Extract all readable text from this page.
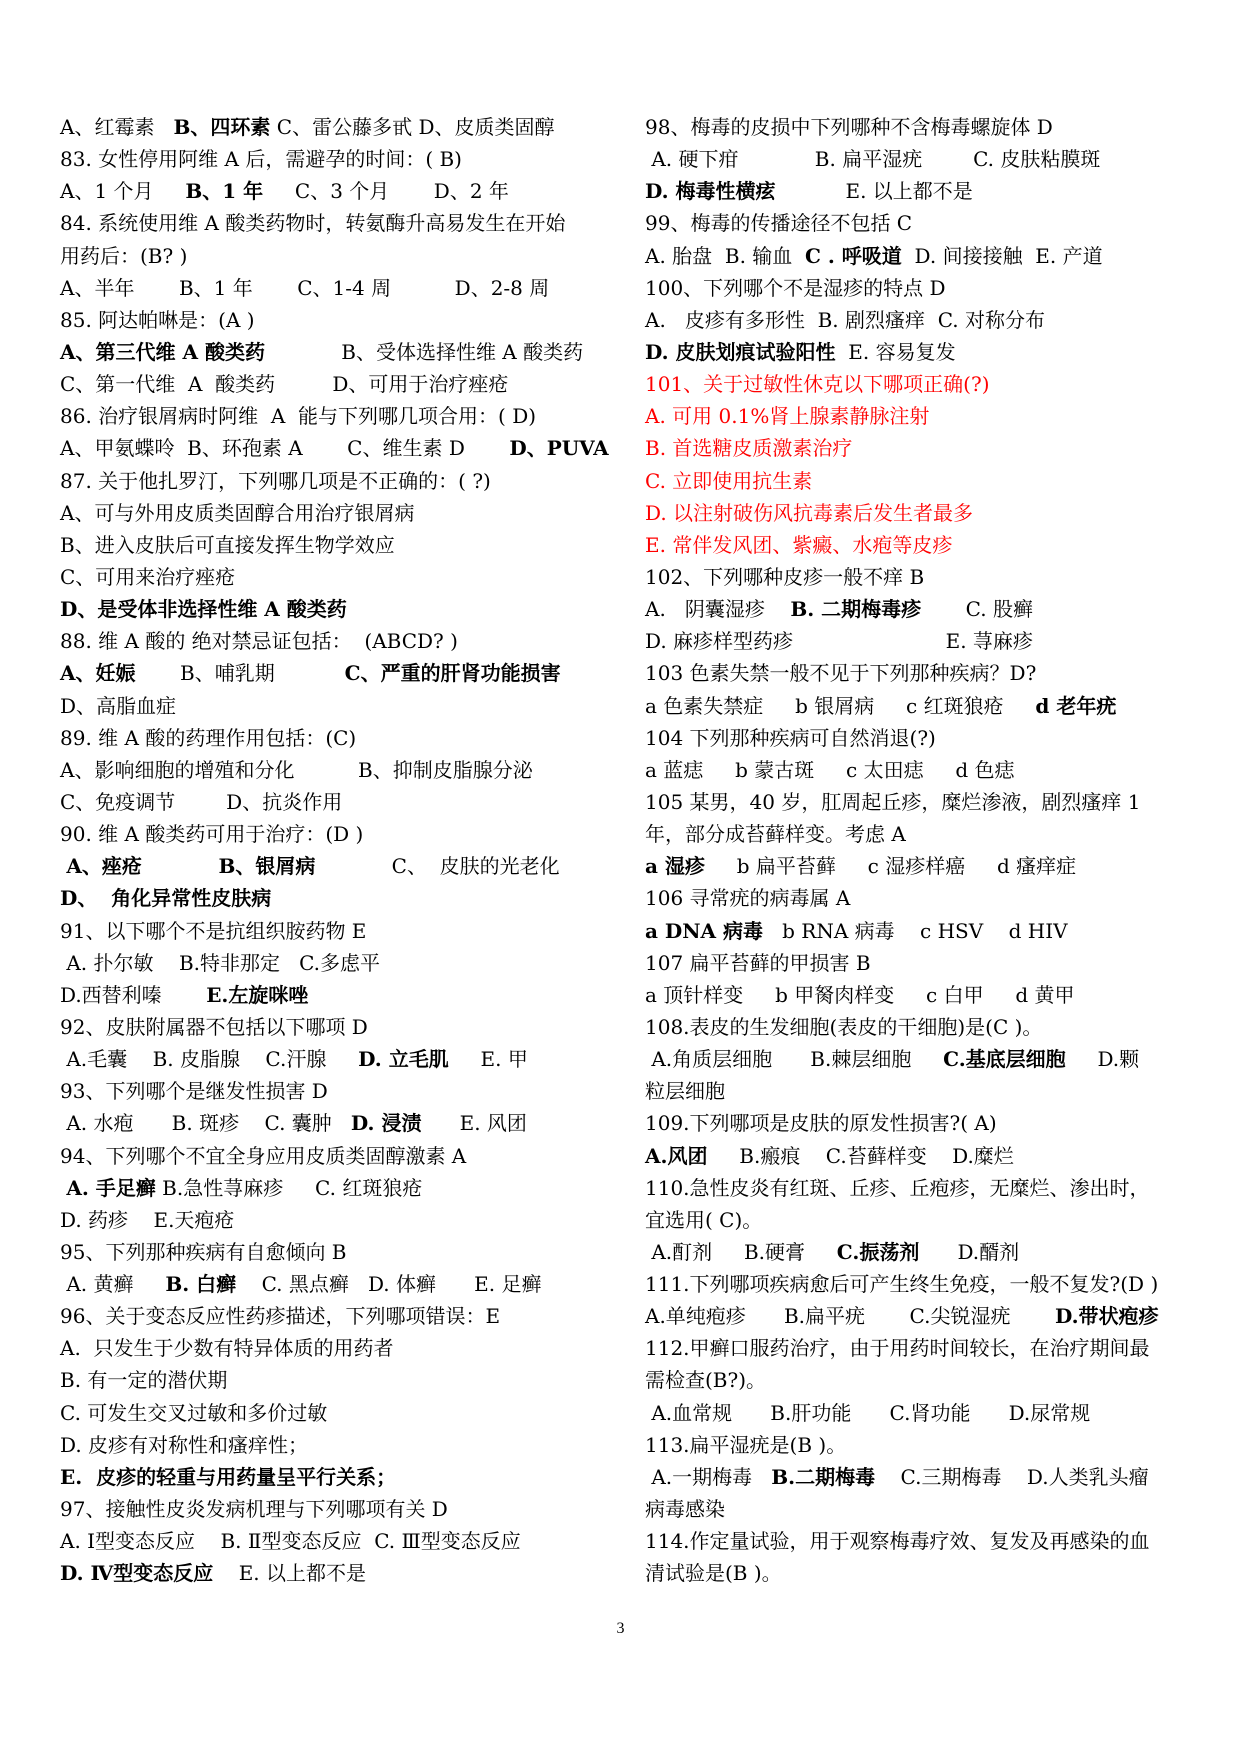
A、红霉素   B、四环素 C、雷公藤多甙 D、皮质类固醇
83. 女性停用阿维 A 后，需避孕的时间：( B)
A、1 个月     B、1 年     C、3 个月       D、2 年
84. 系统使用维 A 酸类药物时，转氨酶升高易发生在开始
用药后：(B? )
A、半年       B、1 年       C、1-4 周          D、2-8 周
85. 阿达帕啉是：(A )
A、第三代维 A 酸类药            B、受体选择性维 A 酸类药
C、第一代维  A  酸类药         D、可用于治疗痤疮
86. 治疗银屑病时阿维  A  能与下列哪几项合用：( D)
A、甲氨蝶呤  B、环孢素 A       C、维生素 D       D、PUVA
87. 关于他扎罗汀，下列哪几项是不正确的：( ?)
A、可与外用皮质类固醇合用治疗银屑病
B、进入皮肤后可直接发挥生物学效应
C、可用来治疗痤疮
D、是受体非选择性维 A 酸类药
88. 维 A 酸的 绝对禁忌证包括：  (ABCD? )
A、妊娠       B、哺乳期           C、严重的肝肾功能损害
D、高脂血症
89. 维 A 酸的药理作用包括：(C)
A、影响细胞的增殖和分化          B、抑制皮脂腺分泌
C、免疫调节        D、抗炎作用
90. 维 A 酸类药可用于治疗：(D )
A、痤疮           B、银屑病            C、  皮肤的光老化
D、  角化异常性皮肤病
91、以下哪个不是抗组织胺药物 E
A. 扑尔敏    B.特非那定   C.多虑平
D.西替利嗪       E.左旋咪唑
92、皮肤附属器不包括以下哪项 D
A.毛囊    B. 皮脂腺    C.汗腺     D. 立毛肌     E. 甲
93、下列哪个是继发性损害 D
A. 水疱      B. 斑疹    C. 囊肿   D. 浸渍      E. 风团
94、下列哪个不宜全身应用皮质类固醇激素 A
A. 手足癣 B.急性荨麻疹     C. 红斑狼疮
D. 药疹    E.天疱疮
95、下列那种疾病有自愈倾向 B
A. 黄癣     B. 白癣    C. 黑点癣   D. 体癣      E. 足癣
96、关于变态反应性药疹描述，下列哪项错误：E
A.  只发生于少数有特异体质的用药者
B. 有一定的潜伏期
C. 可发生交叉过敏和多价过敏
D. 皮疹有对称性和瘙痒性；
E.  皮疹的轻重与用药量呈平行关系；
97、接触性皮炎发病机理与下列哪项有关 D
A. Ⅰ型变态反应    B. Ⅱ型变态反应  C. Ⅲ型变态反应
D. Ⅳ型变态反应    E. 以上都不是
98、梅毒的皮损中下列哪种不含梅毒螺旋体 D
A. 硬下疳            B. 扁平湿疣        C. 皮肤粘膜斑
D. 梅毒性横痃           E. 以上都不是
99、梅毒的传播途径不包括 C
A. 胎盘  B. 输血  C . 呼吸道  D. 间接接触  E. 产道
100、下列哪个不是湿疹的特点 D
A.   皮疹有多形性  B. 剧烈瘙痒  C. 对称分布
D. 皮肤划痕试验阳性  E. 容易复发
101、关于过敏性休克以下哪项正确(?)
A. 可用 0.1%肾上腺素静脉注射
B. 首选糖皮质激素治疗
C. 立即使用抗生素
D. 以注射破伤风抗毒素后发生者最多
E. 常伴发风团、紫癜、水疱等皮疹
102、下列哪种皮疹一般不痒 B
A.   阴囊湿疹    B. 二期梅毒疹       C. 股癣
D. 麻疹样型药疹                        E. 荨麻疹
103 色素失禁一般不见于下列那种疾病？D?
a 色素失禁症     b 银屑病     c 红斑狼疮     d 老年疣
104 下列那种疾病可自然消退(?)
a 蓝痣     b 蒙古斑     c 太田痣     d 色痣
105 某男，40 岁，肛周起丘疹，糜烂渗液，剧烈瘙痒 1
年，部分成苔藓样变。考虑 A
a 湿疹     b 扁平苔藓     c 湿疹样癌     d 瘙痒症
106 寻常疣的病毒属 A
a DNA 病毒   b RNA 病毒    c HSV    d HIV
107 扁平苔藓的甲损害 B
a 顶针样变     b 甲胬肉样变     c 白甲     d 黄甲
108.表皮的生发细胞(表皮的干细胞)是(C )。
A.角质层细胞      B.棘层细胞     C.基底层细胞     D.颗
粒层细胞
109.下列哪项是皮肤的原发性损害?( A)
A.风团     B.瘢痕    C.苔藓样变    D.糜烂
110.急性皮炎有红斑、丘疹、丘疱疹，无糜烂、渗出时，
宜选用( C)。
A.酊剂     B.硬膏     C.振荡剂      D.醑剂
111.下列哪项疾病愈后可产生终生免疫，一般不复发?(D )
A.单纯疱疹      B.扁平疣       C.尖锐湿疣       D.带状疱疹
112.甲癣口服药治疗，由于用药时间较长，在治疗期间最
需检查(B?)。
A.血常规      B.肝功能      C.肾功能      D.尿常规
113.扁平湿疣是(B )。
A.一期梅毒   B.二期梅毒    C.三期梅毒    D.人类乳头瘤
病毒感染
114.作定量试验，用于观察梅毒疗效、复发及再感染的血
清试验是(B )。
3
